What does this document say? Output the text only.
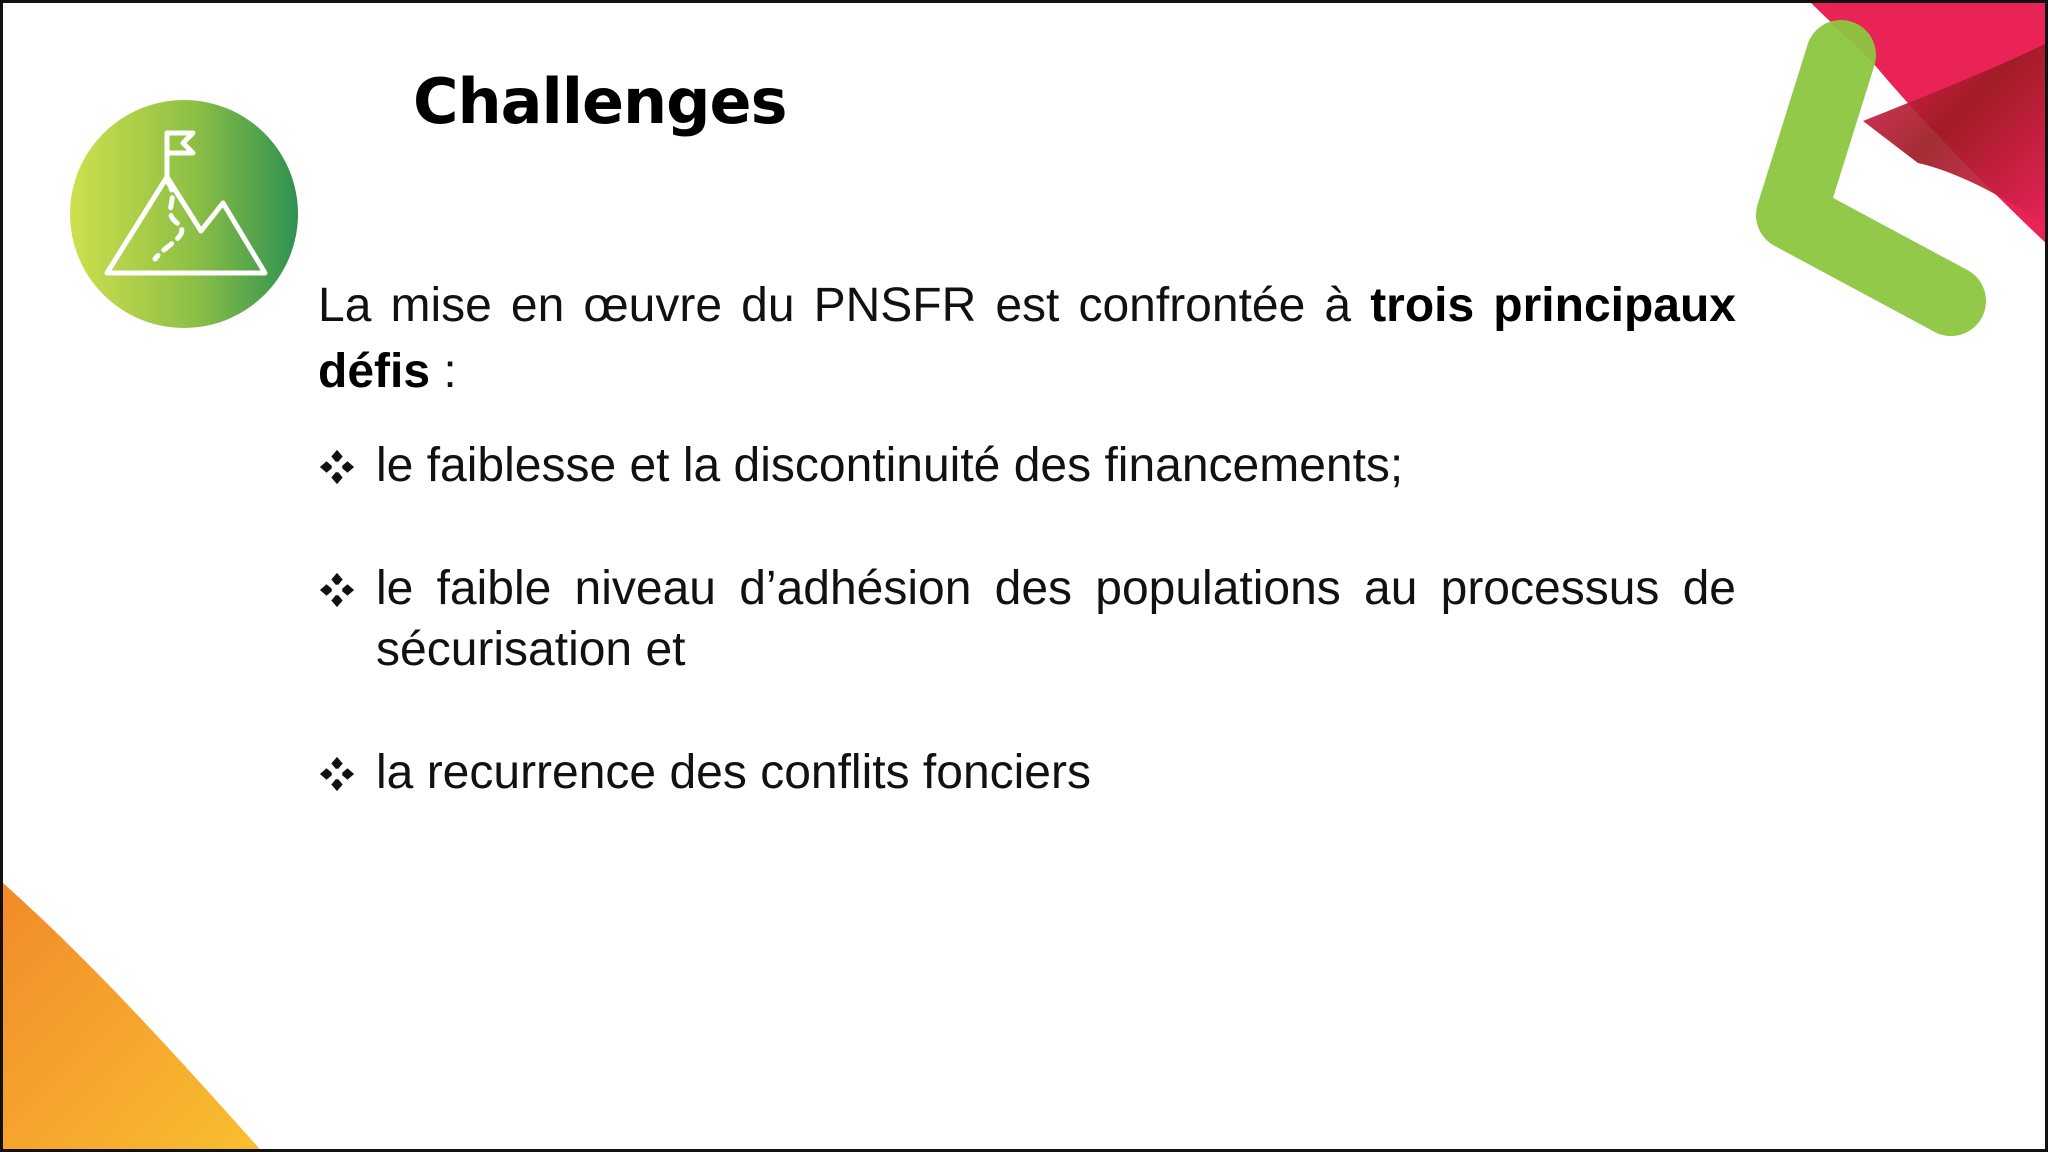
Challenges

La mise en œuvre du PNSFR est confrontée à trois principaux défis :

le faiblesse et la discontinuité des financements;
le faible niveau d’adhésion des populations au processus de sécurisation et
la recurrence des conflits fonciers
